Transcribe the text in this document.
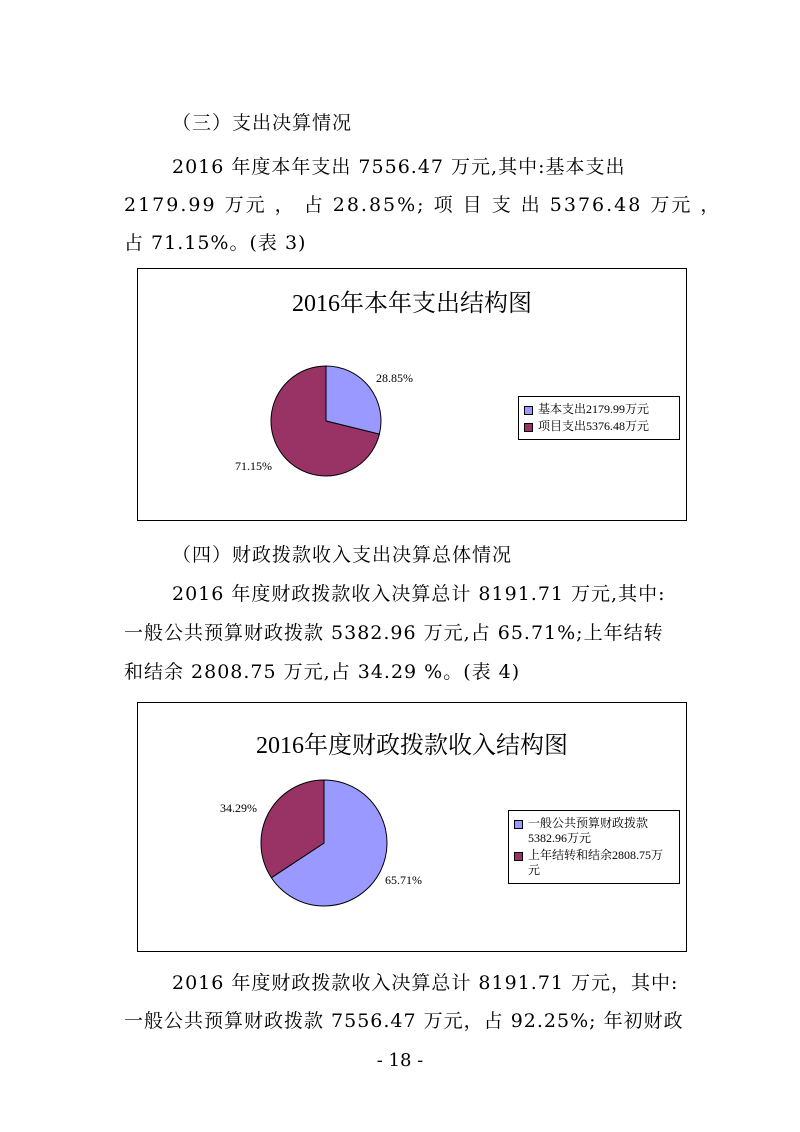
（三）支出决算情况
2016 年度本年支出 7556.47 万元,其中:基本支出
2179.99 万元 ， 占 28.85%; 项 目 支 出 5376.48 万元 ，
占 71.15%。(表 3)
2016年本年支出结构图
28.85%
71.15%
基本支出2179.99万元
项目支出5376.48万元
（四）财政拨款收入支出决算总体情况
2016 年度财政拨款收入决算总计 8191.71 万元,其中:
一般公共预算财政拨款 5382.96 万元,占 65.71%;上年结转
和结余 2808.75 万元,占 34.29 %。(表 4)
2016年度财政拨款收入结构图
34.29%
65.71%
一般公共预算财政拨款5382.96万元
上年结转和结余2808.75万元
2016 年度财政拨款收入决算总计 8191.71 万元，其中:
一般公共预算财政拨款 7556.47 万元，占 92.25%; 年初财政
- 18 -
